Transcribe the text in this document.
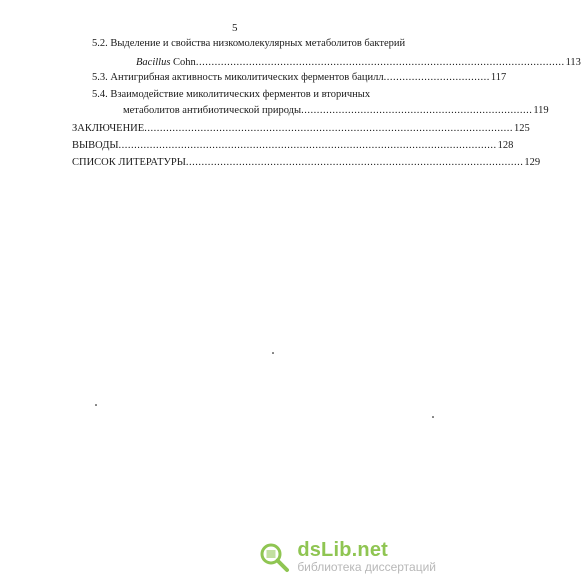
5
5.2. Выделение и свойства низкомолекулярных метаболитов бактерий
Bacillus Cohn ...................................................................................................................... 113
5.3. Антигрибная активность миколитических ферментов бацилл .................................. 117
5.4. Взаимодействие миколитических ферментов и вторичных
метаболитов антибиотической природы .......................................................................... 119
ЗАКЛЮЧЕНИЕ ...................................................................................................................... 125
ВЫВОДЫ ......................................................................................................................... 128
СПИСОК ЛИТЕРАТУРЫ ............................................................................................................ 129
dsLib.net
библиотека диссертаций
